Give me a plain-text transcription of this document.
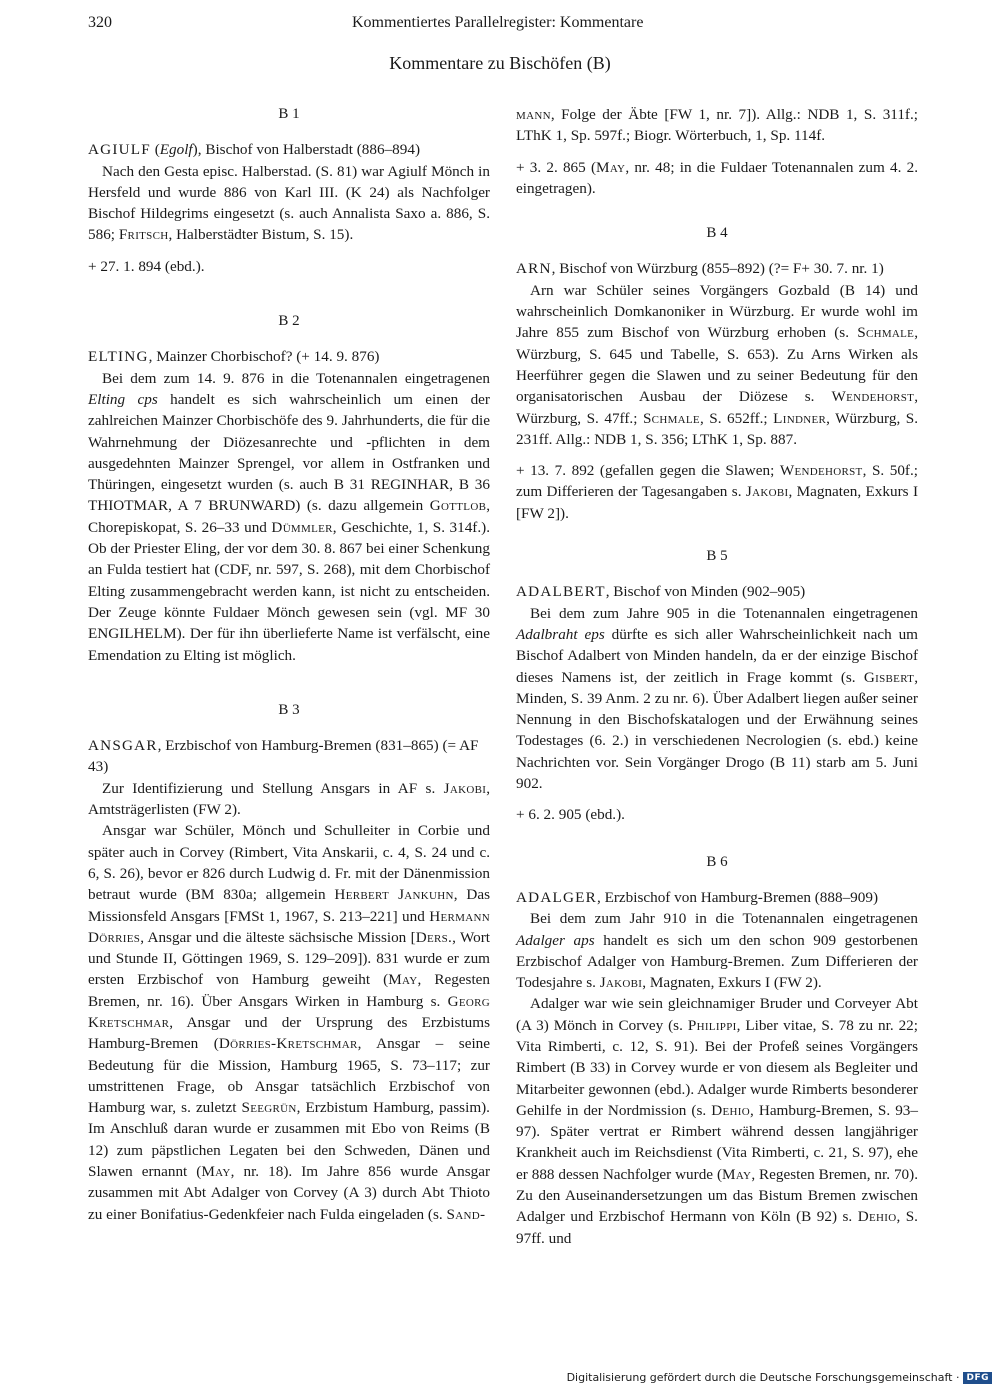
320	Kommentiertes Parallelregister: Kommentare
Kommentare zu Bischöfen (B)
B 1

AGIULF (Egolf), Bischof von Halberstadt (886–894)

Nach den Gesta episc. Halberstad. (S. 81) war Agiulf Mönch in Hersfeld und wurde 886 von Karl III. (K 24) als Nachfolger Bischof Hildegrims eingesetzt (s. auch Annalista Saxo a. 886, S. 586; Fritsch, Halberstädter Bistum, S. 15).

+ 27. 1. 894 (ebd.).

B 2

ELTING, Mainzer Chorbischof? (+ 14. 9. 876)

Bei dem zum 14. 9. 876 in die Totenannalen eingetragenen Elting cps handelt es sich wahrscheinlich um einen der zahlreichen Mainzer Chorbischöfe des 9. Jahrhunderts, die für die Wahrnehmung der Diözesanrechte und -pflichten in dem ausgedehnten Mainzer Sprengel, vor allem in Ostfranken und Thüringen, eingesetzt wurden (s. auch B 31 REGINHAR, B 36 THIOTMAR, A 7 BRUNWARD) (s. dazu allgemein Gottlob, Chorepiskopat, S. 26–33 und Dümmler, Geschichte, 1, S. 314f.). Ob der Priester Eling, der vor dem 30. 8. 867 bei einer Schenkung an Fulda testiert hat (CDF, nr. 597, S. 268), mit dem Chorbischof Elting zusammengebracht werden kann, ist nicht zu entscheiden. Der Zeuge könnte Fuldaer Mönch gewesen sein (vgl. MF 30 ENGILHELM). Der für ihn überlieferte Name ist verfälscht, eine Emendation zu Elting ist möglich.

B 3

ANSGAR, Erzbischof von Hamburg-Bremen (831–865) (= AF 43)

Zur Identifizierung und Stellung Ansgars in AF s. Jakobi, Amtsträgerlisten (FW 2).

Ansgar war Schüler, Mönch und Schulleiter in Corbie und später auch in Corvey (Rimbert, Vita Anskarii, c. 4, S. 24 und c. 6, S. 26), bevor er 826 durch Ludwig d. Fr. mit der Dänenmission betraut wurde (BM 830a; allgemein Herbert Jankuhn, Das Missionsfeld Ansgars [FMSt 1, 1967, S. 213–221] und Hermann Dörries, Ansgar und die älteste sächsische Mission [Ders., Wort und Stunde II, Göttingen 1969, S. 129–209]). 831 wurde er zum ersten Erzbischof von Hamburg geweiht (May, Regesten Bremen, nr. 16). Über Ansgars Wirken in Hamburg s. Georg Kretschmar, Ansgar und der Ursprung des Erzbistums Hamburg-Bremen (Dörries-Kretschmar, Ansgar – seine Bedeutung für die Mission, Hamburg 1965, S. 73–117; zur umstrittenen Frage, ob Ansgar tatsächlich Erzbischof von Hamburg war, s. zuletzt Seegrün, Erzbistum Hamburg, passim). Im Anschluß daran wurde er zusammen mit Ebo von Reims (B 12) zum päpstlichen Legaten bei den Schweden, Dänen und Slawen ernannt (May, nr. 18). Im Jahre 856 wurde Ansgar zusammen mit Abt Adalger von Corvey (A 3) durch Abt Thioto zu einer Bonifatius-Gedenkfeier nach Fulda eingeladen (s. Sand-

mann, Folge der Äbte [FW 1, nr. 7]). Allg.: NDB 1, S. 311f.; LThK 1, Sp. 597f.; Biogr. Wörterbuch, 1, Sp. 114f.

+ 3. 2. 865 (May, nr. 48; in die Fuldaer Totenannalen zum 4. 2. eingetragen).

B 4

ARN, Bischof von Würzburg (855–892) (?= F+ 30. 7. nr. 1)

Arn war Schüler seines Vorgängers Gozbald (B 14) und wahrscheinlich Domkanoniker in Würzburg. Er wurde wohl im Jahre 855 zum Bischof von Würzburg erhoben (s. Schmale, Würzburg, S. 645 und Tabelle, S. 653). Zu Arns Wirken als Heerführer gegen die Slawen und zu seiner Bedeutung für den organisatorischen Ausbau der Diözese s. Wendehorst, Würzburg, S. 47ff.; Schmale, S. 652ff.; Lindner, Würzburg, S. 231ff. Allg.: NDB 1, S. 356; LThK 1, Sp. 887.

+ 13. 7. 892 (gefallen gegen die Slawen; Wendehorst, S. 50f.; zum Differieren der Tagesangaben s. Jakobi, Magnaten, Exkurs I [FW 2]).

B 5

ADALBERT, Bischof von Minden (902–905)

Bei dem zum Jahre 905 in die Totenannalen eingetragenen Adalbraht eps dürfte es sich aller Wahrscheinlichkeit nach um Bischof Adalbert von Minden handeln, da er der einzige Bischof dieses Namens ist, der zeitlich in Frage kommt (s. Gisbert, Minden, S. 39 Anm. 2 zu nr. 6). Über Adalbert liegen außer seiner Nennung in den Bischofskatalogen und der Erwähnung seines Todestages (6. 2.) in verschiedenen Necrologien (s. ebd.) keine Nachrichten vor. Sein Vorgänger Drogo (B 11) starb am 5. Juni 902.

+ 6. 2. 905 (ebd.).

B 6

ADALGER, Erzbischof von Hamburg-Bremen (888–909)

Bei dem zum Jahr 910 in die Totenannalen eingetragenen Adalger aps handelt es sich um den schon 909 gestorbenen Erzbischof Adalger von Hamburg-Bremen. Zum Differieren der Todesjahre s. Jakobi, Magnaten, Exkurs I (FW 2).

Adalger war wie sein gleichnamiger Bruder und Corveyer Abt (A 3) Mönch in Corvey (s. Philippi, Liber vitae, S. 78 zu nr. 22; Vita Rimberti, c. 12, S. 91). Bei der Profeß seines Vorgängers Rimbert (B 33) in Corvey wurde er von diesem als Begleiter und Mitarbeiter gewonnen (ebd.). Adalger wurde Rimberts besonderer Gehilfe in der Nordmission (s. Dehio, Hamburg-Bremen, S. 93–97). Später vertrat er Rimbert während dessen langjähriger Krankheit auch im Reichsdienst (Vita Rimberti, c. 21, S. 97), ehe er 888 dessen Nachfolger wurde (May, Regesten Bremen, nr. 70). Zu den Auseinandersetzungen um das Bistum Bremen zwischen Adalger und Erzbischof Hermann von Köln (B 92) s. Dehio, S. 97ff. und

Digitalisierung gefördert durch die Deutsche Forschungsgemeinschaft · DFG
